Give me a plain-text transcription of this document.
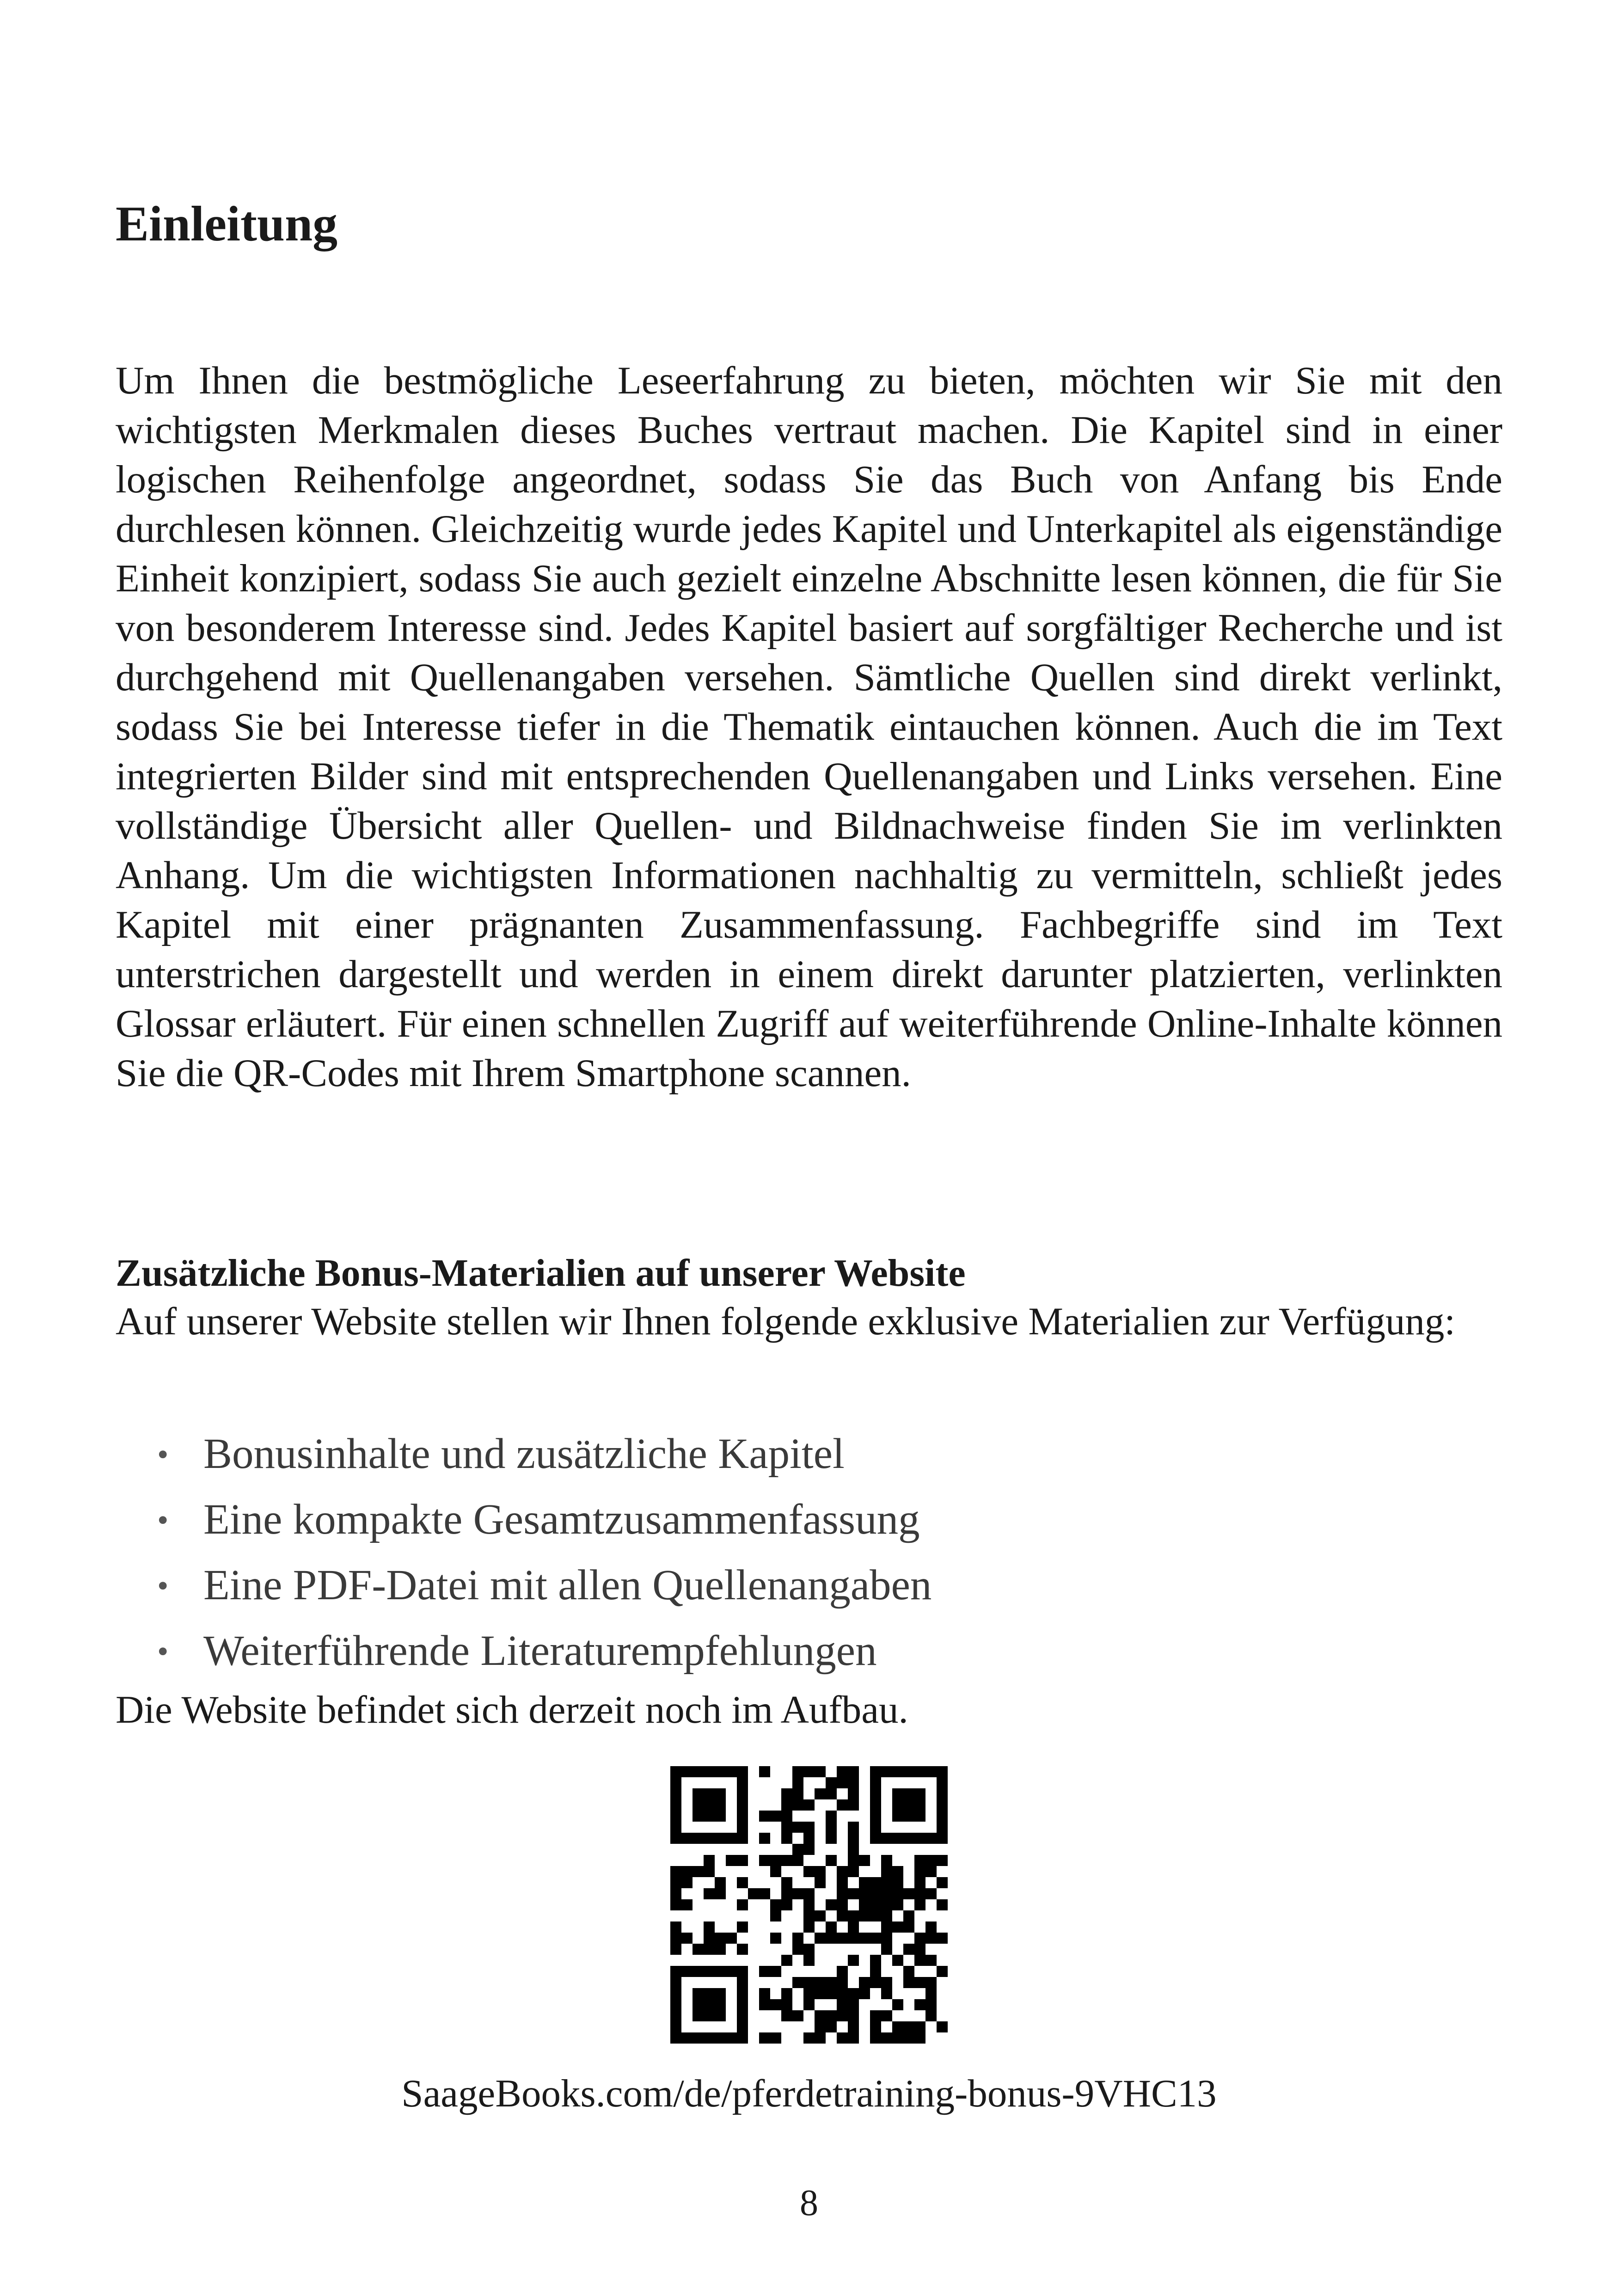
Einleitung

Um Ihnen die bestmögliche Leseerfahrung zu bieten, möchten wir Sie mit den wichtigsten Merkmalen dieses Buches vertraut machen. Die Kapitel sind in einer logischen Reihenfolge angeordnet, sodass Sie das Buch von Anfang bis Ende durchlesen können. Gleichzeitig wurde jedes Kapitel und Unterkapitel als eigenständige Einheit konzipiert, sodass Sie auch gezielt einzelne Abschnitte lesen können, die für Sie von besonderem Interesse sind. Jedes Kapitel basiert auf sorgfältiger Recherche und ist durchgehend mit Quellenangaben versehen. Sämtliche Quellen sind direkt verlinkt, sodass Sie bei Interesse tiefer in die Thematik eintauchen können. Auch die im Text integrierten Bilder sind mit entsprechenden Quellenangaben und Links versehen. Eine vollständige Übersicht aller Quellen- und Bildnachweise finden Sie im verlinkten Anhang. Um die wichtigsten Informationen nachhaltig zu vermitteln, schließt jedes Kapitel mit einer prägnanten Zusammenfassung. Fachbegriffe sind im Text unterstrichen dargestellt und werden in einem direkt darunter platzierten, verlinkten Glossar erläutert. Für einen schnellen Zugriff auf weiterführende Online-Inhalte können Sie die QR-Codes mit Ihrem Smartphone scannen.

Zusätzliche Bonus-Materialien auf unserer Website

Auf unserer Website stellen wir Ihnen folgende exklusive Materialien zur Verfügung:

• Bonusinhalte und zusätzliche Kapitel
• Eine kompakte Gesamtzusammenfassung
• Eine PDF-Datei mit allen Quellenangaben
• Weiterführende Literaturempfehlungen

Die Website befindet sich derzeit noch im Aufbau.

SaageBooks.com/de/pferdetraining-bonus-9VHC13

8
